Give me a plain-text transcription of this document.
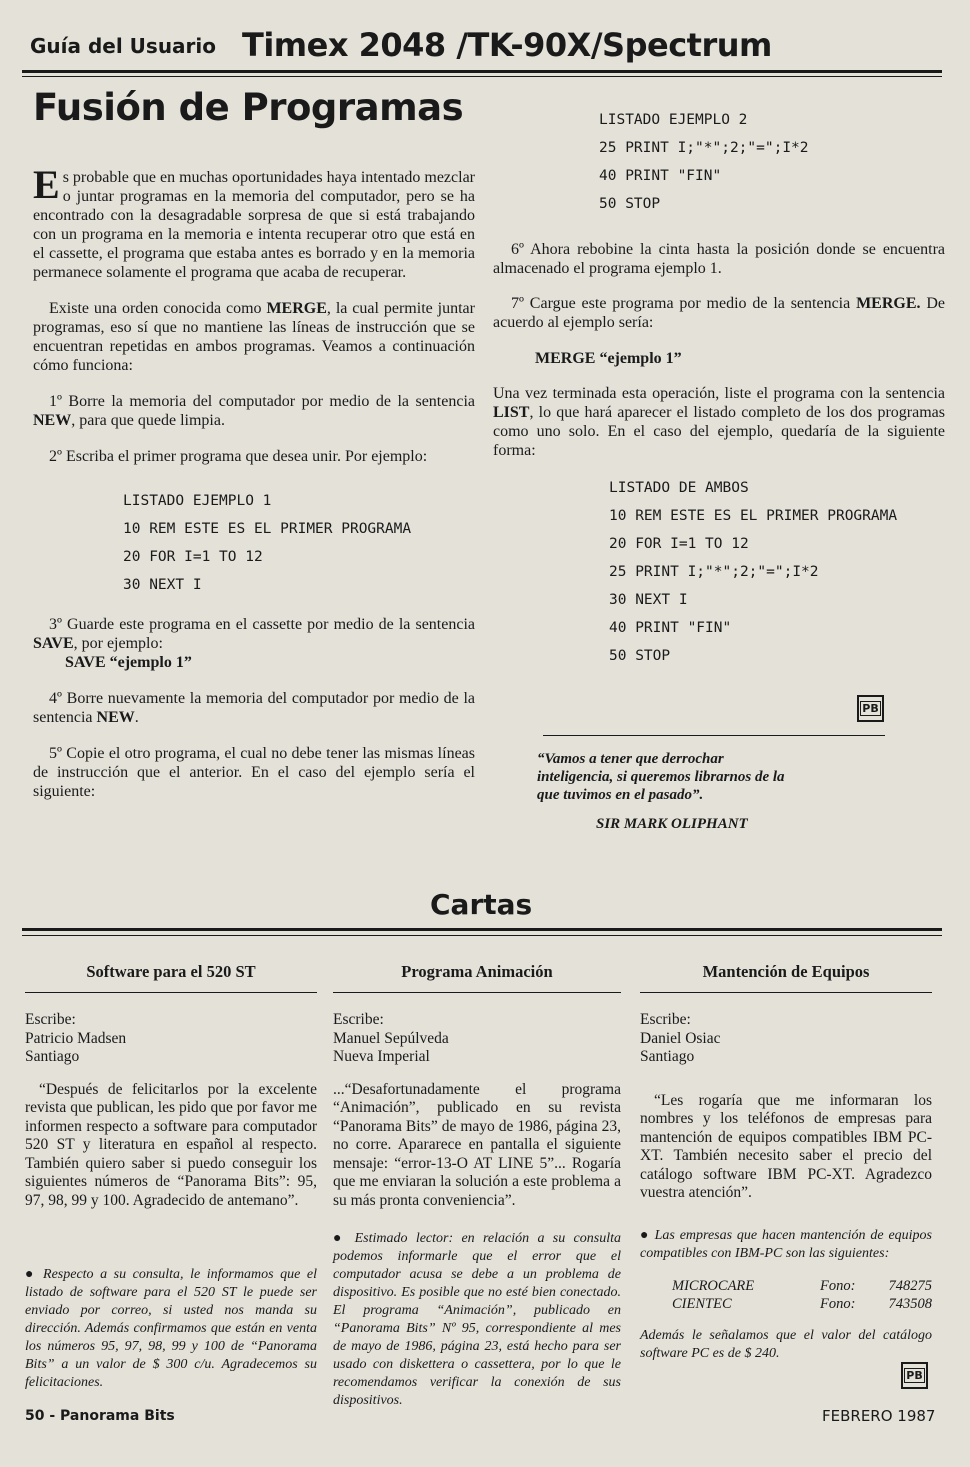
Guía del Usuario Timex 2048 /TK-90X/Spectrum
Fusión de Programas

Es probable que en muchas oportunidades haya intentado mezclar o juntar programas en la memoria del computador, pero se ha encontrado con la desagradable sorpresa de que si está trabajando con un programa en la memoria e intenta recuperar otro que está en el cassette, el programa que estaba antes es borrado y en la memoria permanece solamente el programa que acaba de recuperar.

Existe una orden conocida como MERGE, la cual permite juntar programas, eso sí que no mantiene las líneas de instrucción que se encuentran repetidas en ambos programas. Veamos a continuación cómo funciona:

1º Borre la memoria del computador por medio de la sentencia NEW, para que quede limpia.

2º Escriba el primer programa que desea unir. Por ejemplo:

LISTADO EJEMPLO 1
10 REM ESTE ES EL PRIMER PROGRAMA
20 FOR I=1 TO 12
30 NEXT I

3º Guarde este programa en el cassette por medio de la sentencia SAVE, por ejemplo:

SAVE “ejemplo 1”

4º Borre nuevamente la memoria del computador por medio de la sentencia NEW.

5º Copie el otro programa, el cual no debe tener las mismas líneas de instrucción que el anterior. En el caso del ejemplo sería el siguiente:

LISTADO EJEMPLO 2
25 PRINT I;"*";2;"=";I*2
40 PRINT "FIN"
50 STOP

6º Ahora rebobine la cinta hasta la posición donde se encuentra almacenado el programa ejemplo 1.

7º Cargue este programa por medio de la sentencia MERGE. De acuerdo al ejemplo sería:

MERGE “ejemplo 1”

Una vez terminada esta operación, liste el programa con la sentencia LIST, lo que hará aparecer el listado completo de los dos programas como uno solo. En el caso del ejemplo, quedaría de la siguiente forma:

LISTADO DE AMBOS
10 REM ESTE ES EL PRIMER PROGRAMA
20 FOR I=1 TO 12
25 PRINT I;"*";2;"=";I*2
30 NEXT I
40 PRINT "FIN"
50 STOP
PB
“Vamos a tener que derrochar inteligencia, si queremos librarnos de la que tuvimos en el pasado”.
SIR MARK OLIPHANT
Cartas
Software para el 520 ST
Escribe:
Patricio Madsen
Santiago

“Después de felicitarlos por la excelente revista que publican, les pido que por favor me informen respecto a software para computador 520 ST y literatura en español al respecto. También quiero saber si puedo conseguir los siguientes números de “Panorama Bits”: 95, 97, 98, 99 y 100. Agradecido de antemano”.

● Respecto a su consulta, le informamos que el listado de software para el 520 ST le puede ser enviado por correo, si usted nos manda su dirección. Además confirmamos que están en venta los números 95, 97, 98, 99 y 100 de “Panorama Bits” a un valor de $ 300 c/u. Agradecemos su felicitaciones.

Programa Animación
Escribe:
Manuel Sepúlveda
Nueva Imperial

...“Desafortunadamente el programa “Animación”, publicado en su revista “Panorama Bits” de mayo de 1986, página 23, no corre. Apararece en pantalla el siguiente mensaje: “error-13-O AT LINE 5”... Rogaría que me enviaran la solución a este problema a su más pronta conveniencia”.

● Estimado lector: en relación a su consulta podemos informarle que el error que el computador acusa se debe a un problema de dispositivo. Es posible que no esté bien conectado. El programa “Animación”, publicado en “Panorama Bits” Nº 95, correspondiente al mes de mayo de 1986, página 23, está hecho para ser usado con diskettera o cassettera, por lo que le recomendamos verificar la conexión de sus dispositivos.

Mantención de Equipos
Escribe:
Daniel Osiac
Santiago

“Les rogaría que me informaran los nombres y los teléfonos de empresas para mantención de equipos compatibles IBM PC-XT. También necesito saber el precio del catálogo software IBM PC-XT. Agradezco vuestra atención”.

● Las empresas que hacen mantención de equipos compatibles con IBM-PC son las siguientes:

MICROCARE	Fono:	748275
CIENTEC	Fono:	743508

Además le señalamos que el valor del catálogo software PC es de $ 240.

PB
50 - Panorama Bits	FEBRERO 1987
